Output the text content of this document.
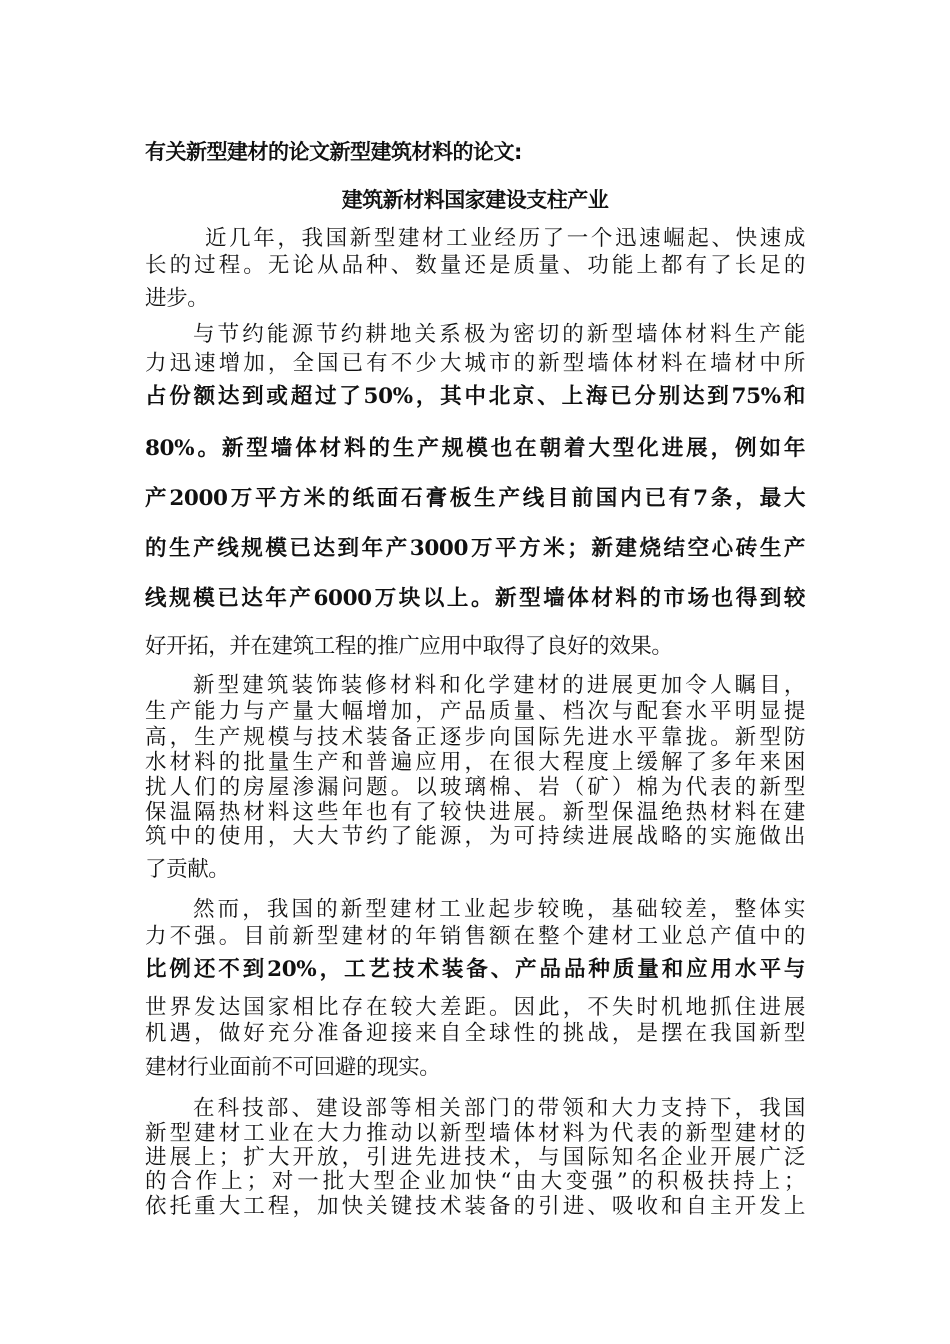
有关新型建材的论文新型建筑材料的论文:
建筑新材料国家建设支柱产业
近几年，我国新型建材工业经历了一个迅速崛起、快速成
长的过程。无论从品种、数量还是质量、功能上都有了长足的
进步。
与节约能源节约耕地关系极为密切的新型墙体材料生产能
力迅速增加，全国已有不少大城市的新型墙体材料在墙材中所
占份额达到或超过了50%，其中北京、上海已分别达到75%和
80%。新型墙体材料的生产规模也在朝着大型化进展，例如年
产2000万平方米的纸面石膏板生产线目前国内已有7条，最大
的生产线规模已达到年产3000万平方米；新建烧结空心砖生产
线规模已达年产6000万块以上。新型墙体材料的市场也得到较
好开拓，并在建筑工程的推广应用中取得了良好的效果。
新型建筑装饰装修材料和化学建材的进展更加令人瞩目，
生产能力与产量大幅增加，产品质量、档次与配套水平明显提
高，生产规模与技术装备正逐步向国际先进水平靠拢。新型防
水材料的批量生产和普遍应用，在很大程度上缓解了多年来困
扰人们的房屋渗漏问题。以玻璃棉、岩（矿）棉为代表的新型
保温隔热材料这些年也有了较快进展。新型保温绝热材料在建
筑中的使用，大大节约了能源，为可持续进展战略的实施做出
了贡献。
然而，我国的新型建材工业起步较晚，基础较差，整体实
力不强。目前新型建材的年销售额在整个建材工业总产值中的
比例还不到20%，工艺技术装备、产品品种质量和应用水平与
世界发达国家相比存在较大差距。因此，不失时机地抓住进展
机遇，做好充分准备迎接来自全球性的挑战，是摆在我国新型
建材行业面前不可回避的现实。
在科技部、建设部等相关部门的带领和大力支持下，我国
新型建材工业在大力推动以新型墙体材料为代表的新型建材的
进展上；扩大开放，引进先进技术，与国际知名企业开展广泛
的合作上；对一批大型企业加快“由大变强”的积极扶持上；
依托重大工程，加快关键技术装备的引进、吸收和自主开发上
